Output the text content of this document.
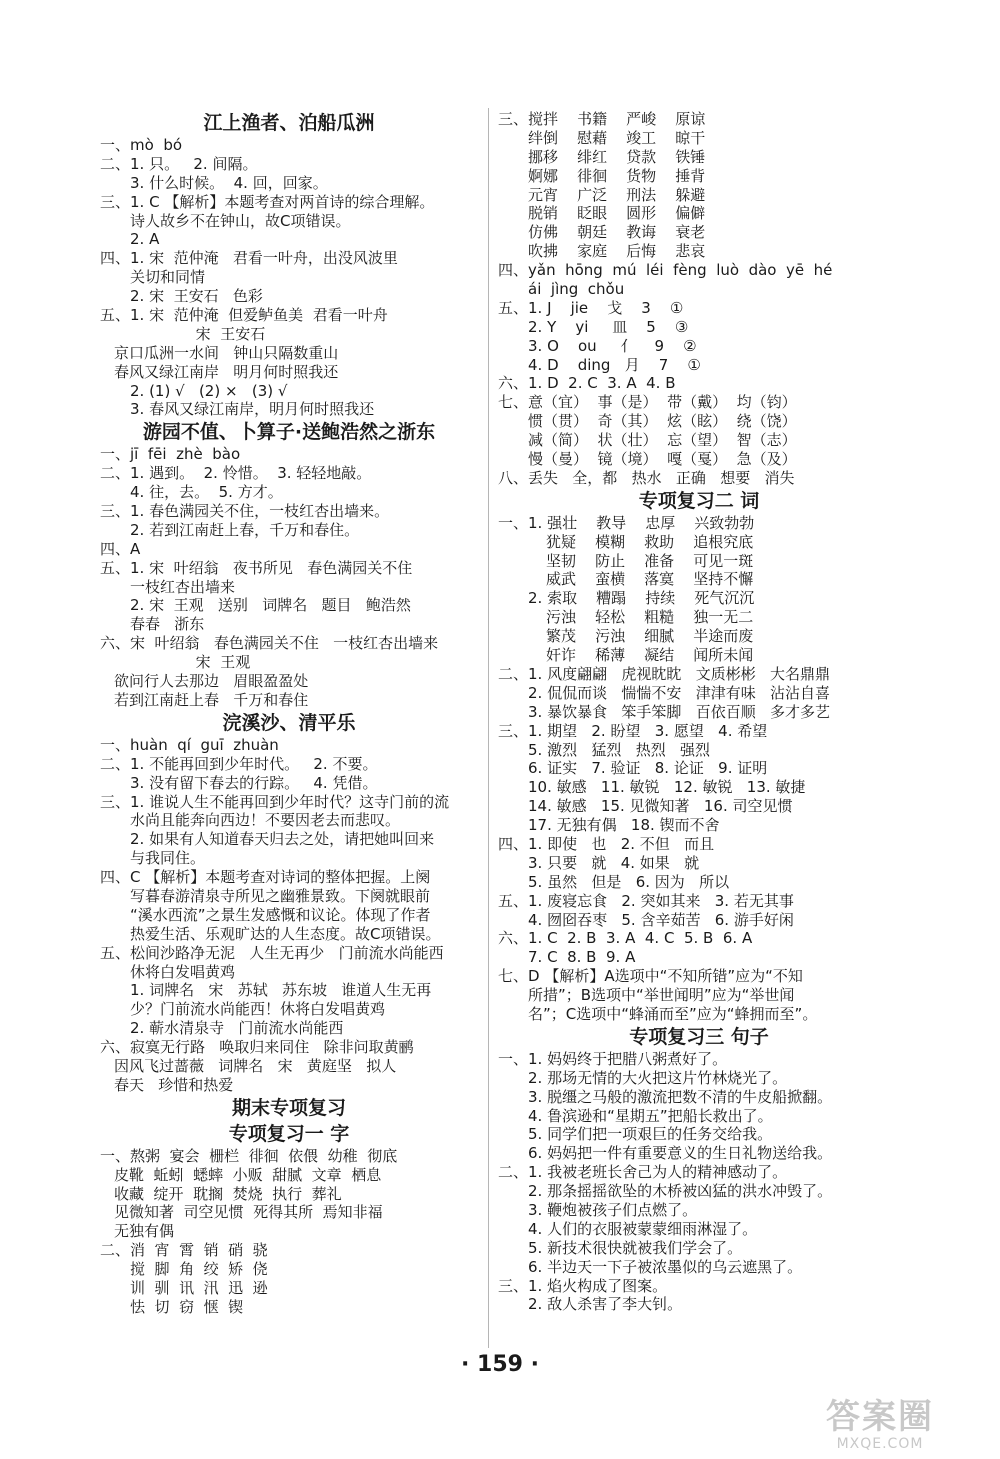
江上渔者、泊船瓜洲
一、mò  bó
二、1. 只。   2. 间隔。
3. 什么时候。  4. 回，回家。
三、1. C 【解析】本题考查对两首诗的综合理解。
诗人故乡不在钟山，故C项错误。
2. A
四、1. 宋  范仲淹   君看一叶舟，出没风波里
关切和同情
2. 宋  王安石   色彩
五、1. 宋  范仲淹  但爱鲈鱼美  君看一叶舟
宋  王安石
京口瓜洲一水间   钟山只隔数重山
春风又绿江南岸   明月何时照我还
2. (1) √   (2) ×   (3) √
3. 春风又绿江南岸，明月何时照我还
游园不值、卜算子·送鲍浩然之浙东
一、jī  fēi  zhè  bào
二、1. 遇到。  2. 怜惜。  3. 轻轻地敲。
4. 往，去。  5. 方才。
三、1. 春色满园关不住，一枝红杏出墙来。
2. 若到江南赶上春，千万和春住。
四、A
五、1. 宋  叶绍翁   夜书所见   春色满园关不住
一枝红杏出墙来
2. 宋  王观   送别   词牌名   题目   鲍浩然
春春   浙东
六、宋  叶绍翁   春色满园关不住   一枝红杏出墙来
宋  王观
欲问行人去那边   眉眼盈盈处
若到江南赶上春   千万和春住
浣溪沙、清平乐
一、huàn  qí  guī  zhuàn
二、1. 不能再回到少年时代。   2. 不要。
3. 没有留下春去的行踪。   4. 凭借。
三、1. 谁说人生不能再回到少年时代？这寺门前的流
水尚且能奔向西边！不要因老去而悲叹。
2. 如果有人知道春天归去之处，请把她叫回来
与我同住。
四、C 【解析】本题考查对诗词的整体把握。上阕
写暮春游清泉寺所见之幽雅景致。下阕就眼前
“溪水西流”之景生发感慨和议论。体现了作者
热爱生活、乐观旷达的人生态度。故C项错误。
五、松间沙路净无泥   人生无再少   门前流水尚能西
休将白发唱黄鸡
1. 词牌名   宋   苏轼   苏东坡   谁道人生无再
少？门前流水尚能西！休将白发唱黄鸡
2. 蕲水清泉寺   门前流水尚能西
六、寂寞无行路   唤取归来同住   除非问取黄鹂
因风飞过蔷薇   词牌名   宋   黄庭坚   拟人
春天   珍惜和热爱
期末专项复习
专项复习一 字
一、熬粥  宴会  栅栏  徘徊  依偎  幼稚  彻底
皮靴  蚯蚓  蟋蟀  小贩  甜腻  文章  栖息
收藏  绽开  耽搁  焚烧  执行  葬礼
见微知著  司空见惯  死得其所  焉知非福
无独有偶
二、消  宵  霄  销  硝  骁
搅  脚  角  绞  矫  侥
训  驯  讯  汛  迅  逊
怯  切  窃  惬  锲
三、搅拌    书籍    严峻    原谅
绊倒    慰藉    竣工    晾干
挪移    绯红    贷款    铁锤
婀娜    徘徊    货物    捶背
元宵    广泛    刑法    躲避
脱销    眨眼    圆形    偏僻
仿佛    朝廷    教诲    衰老
吹拂    家庭    后悔    悲哀
四、yǎn  hōng  mú  léi  fèng  luò  dào  yē  hé
ái  jìng  chǒu
五、1. J    jie    戈    3    ①
2. Y    yi     皿    5    ③
3. O    ou     亻    9    ②
4. D    ding   月    7    ①
六、1. D  2. C  3. A  4. B
七、意（宜）  事（是）  带（戴）  均（钧）
惯（贯）  奇（其）  炫（眩）  绕（饶）
减（简）  状（壮）  忘（望）  智（志）
慢（曼）  镜（境）  嘎（戛）  急（及）
八、丢失   全，都   热水   正确   想要   消失
专项复习二 词
一、1. 强壮    教导    忠厚    兴致勃勃
犹疑    模糊    救助    追根究底
坚韧    防止    准备    可见一斑
威武    蛮横    落寞    坚持不懈
2. 索取    糟蹋    持续    死气沉沉
污浊    轻松    粗糙    独一无二
繁茂    污浊    细腻    半途而废
奸诈    稀薄    凝结    闻所未闻
二、1. 风度翩翩   虎视眈眈   文质彬彬   大名鼎鼎
2. 侃侃而谈   惴惴不安   津津有味   沾沾自喜
3. 暴饮暴食   笨手笨脚   百依百顺   多才多艺
三、1. 期望   2. 盼望   3. 愿望   4. 希望
5. 激烈   猛烈   热烈   强烈
6. 证实   7. 验证   8. 论证   9. 证明
10. 敏感   11. 敏锐   12. 敏锐   13. 敏捷
14. 敏感   15. 见微知著   16. 司空见惯
17. 无独有偶   18. 锲而不舍
四、1. 即使   也   2. 不但   而且
3. 只要   就   4. 如果   就
5. 虽然   但是   6. 因为   所以
五、1. 废寝忘食   2. 突如其来   3. 若无其事
4. 囫囵吞枣   5. 含辛茹苦   6. 游手好闲
六、1. C  2. B  3. A  4. C  5. B  6. A
7. C  8. B  9. A
七、D 【解析】A选项中“不知所错”应为“不知
所措”；B选项中“举世闻明”应为“举世闻
名”；C选项中“蜂涌而至”应为“蜂拥而至”。
专项复习三 句子
一、1. 妈妈终于把腊八粥煮好了。
2. 那场无情的大火把这片竹林烧光了。
3. 脱缰之马般的激流把数不清的牛皮船掀翻。
4. 鲁滨逊和“星期五”把船长救出了。
5. 同学们把一项艰巨的任务交给我。
6. 妈妈把一件有重要意义的生日礼物送给我。
二、1. 我被老班长舍己为人的精神感动了。
2. 那条摇摇欲坠的木桥被凶猛的洪水冲毁了。
3. 鞭炮被孩子们点燃了。
4. 人们的衣服被蒙蒙细雨淋湿了。
5. 新技术很快就被我们学会了。
6. 半边天一下子被浓墨似的乌云遮黑了。
三、1. 焰火构成了图案。
2. 敌人杀害了李大钊。
· 159 ·
答案圈
MXQE.COM
